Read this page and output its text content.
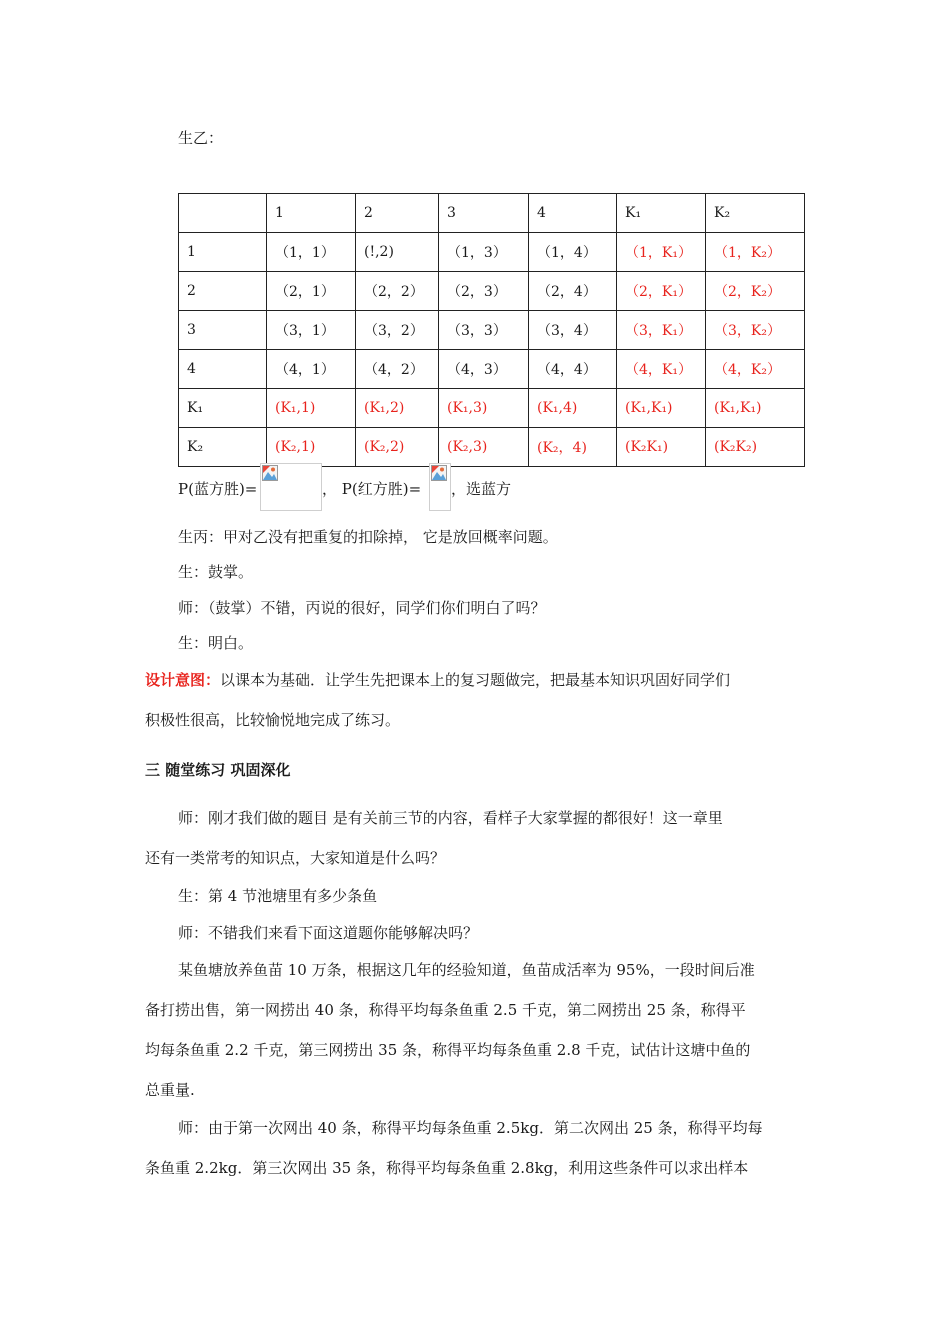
生乙：
	1	2	3	4	K₁	K₂
1	（1，1）	(!,2)	（1，3）	（1，4）	（1，K₁）	（1，K₂）
2	（2，1）	（2，2）	（2，3）	（2，4）	（2，K₁）	（2，K₂）
3	（3，1）	（3，2）	（3，3）	（3，4）	（3，K₁）	（3，K₂）
4	（4，1）	（4，2）	（4，3）	（4，4）	（4，K₁）	（4，K₂）
K₁	(K₁,1)	(K₁,2)	(K₁,3)	(K₁,4)	(K₁,K₁)	(K₁,K₁)
K₂	(K₂,1)	(K₂,2)	(K₂,3)	(K₂，4)	(K₂K₁)	(K₂K₂)
P(蓝方胜)=	， P(红方胜)= ，选蓝方
生丙：甲对乙没有把重复的扣除掉， 它是放回概率问题。
生：鼓掌。
师：（鼓掌）不错，丙说的很好，同学们你们明白了吗？
生：明白。
设计意图：以课本为基础．让学生先把课本上的复习题做完，把最基本知识巩固好同学们
积极性很高，比较愉悦地完成了练习。
三 随堂练习 巩固深化
师：刚才我们做的题目 是有关前三节的内容，看样子大家掌握的都很好！这一章里
还有一类常考的知识点，大家知道是什么吗？
生：第 4 节池塘里有多少条鱼
师：不错我们来看下面这道题你能够解决吗？
某鱼塘放养鱼苗 10 万条，根据这几年的经验知道，鱼苗成活率为 95%，一段时间后准
备打捞出售，第一网捞出 40 条，称得平均每条鱼重 2.5 千克，第二网捞出 25 条，称得平
均每条鱼重 2.2 千克，第三网捞出 35 条，称得平均每条鱼重 2.8 千克，试估计这塘中鱼的
总重量.
师：由于第一次网出 40 条，称得平均每条鱼重 2.5kg．第二次网出 25 条，称得平均每
条鱼重 2.2kg．第三次网出 35 条，称得平均每条鱼重 2.8kg，利用这些条件可以求出样本
